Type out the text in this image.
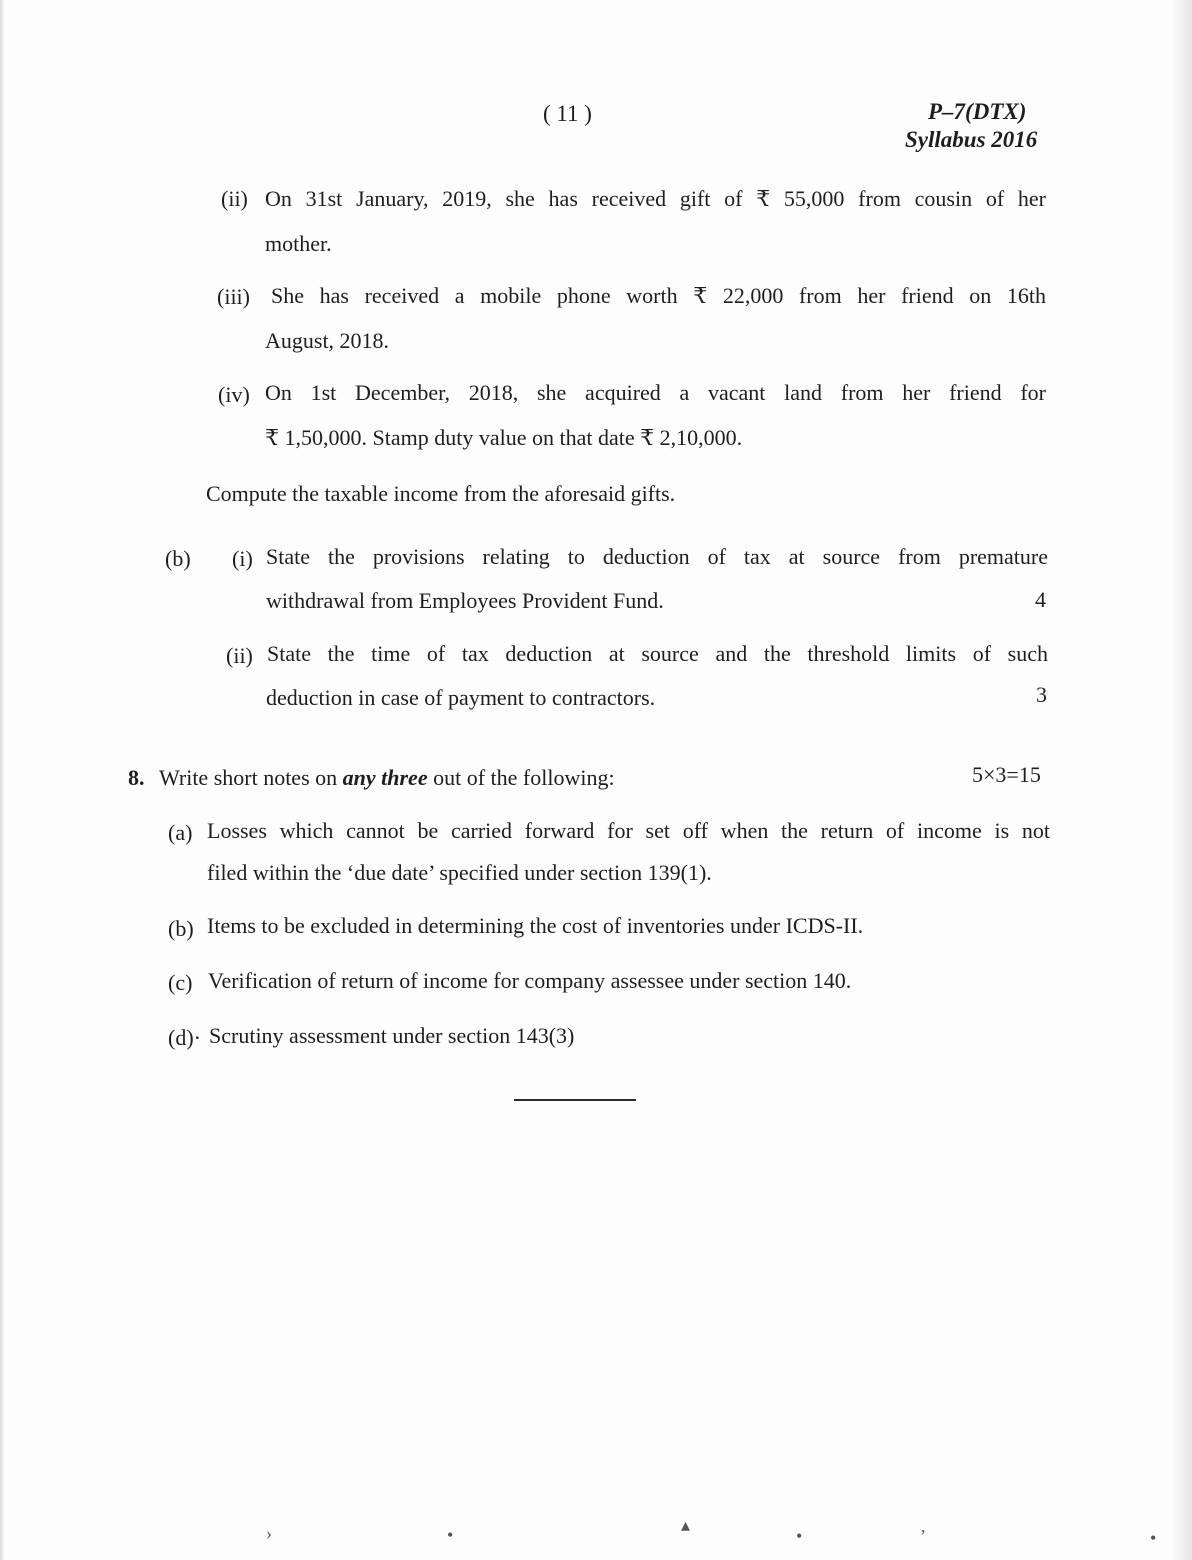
( 11 )	P–7(DTX)
Syllabus 2016
(ii) On 31st January, 2019, she has received gift of ₹ 55,000 from cousin of her
mother.
(iii) She has received a mobile phone worth ₹ 22,000 from her friend on 16th
August, 2018.
(iv) On 1st December, 2018, she acquired a vacant land from her friend for
₹ 1,50,000. Stamp duty value on that date ₹ 2,10,000.
Compute the taxable income from the aforesaid gifts.
(b) (i) State the provisions relating to deduction of tax at source from premature
withdrawal from Employees Provident Fund.	4
(ii) State the time of tax deduction at source and the threshold limits of such
deduction in case of payment to contractors.	3
8. Write short notes on any three out of the following:	5×3=15
(a) Losses which cannot be carried forward for set off when the return of income is not
filed within the ‘due date’ specified under section 139(1).
(b) Items to be excluded in determining the cost of inventories under ICDS-II.
(c) Verification of return of income for company assessee under section 140.
(d)· Scrutiny assessment under section 143(3)
›	•	▴
•	ʼ	•
